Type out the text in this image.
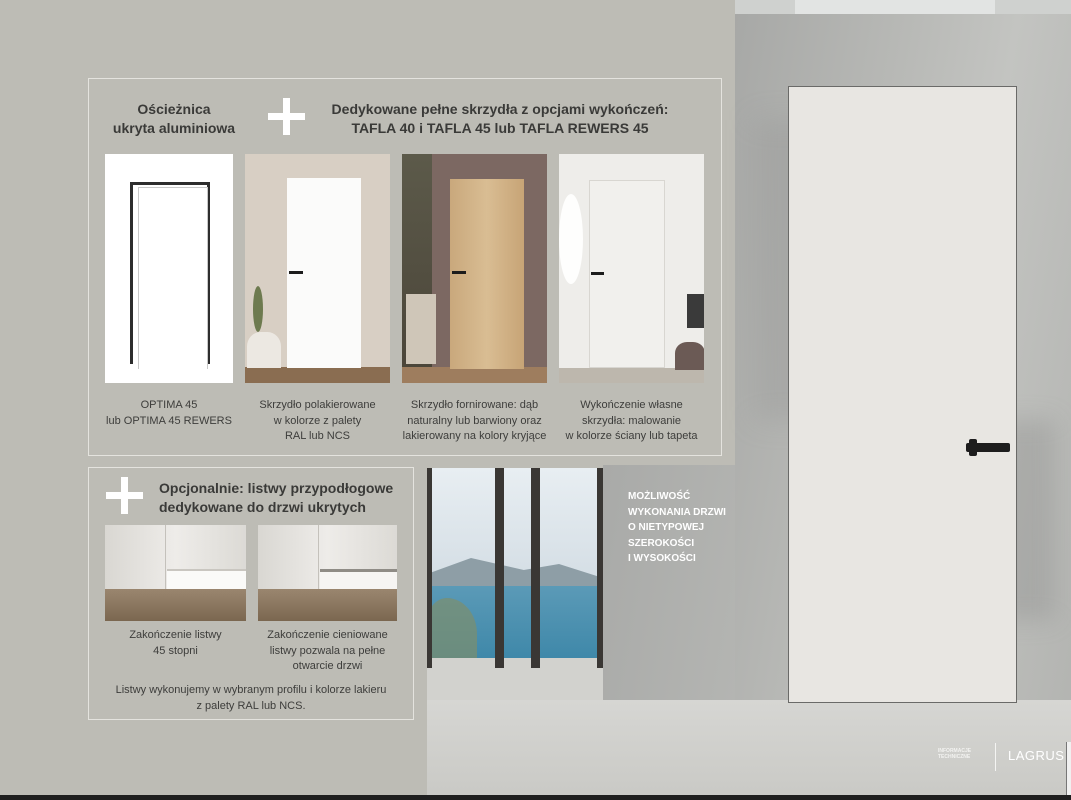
Ościeżnica
ukryta aluminiowa
Dedykowane pełne skrzydła z opcjami wykończeń:
TAFLA 40 i TAFLA 45 lub TAFLA REWERS 45
OPTIMA 45
lub OPTIMA 45 REWERS
Skrzydło polakierowane
w kolorze z palety
RAL lub NCS
Skrzydło fornirowane: dąb
naturalny lub barwiony oraz
lakierowany na kolory kryjące
Wykończenie własne
skrzydła: malowanie
w kolorze ściany lub tapeta
Opcjonalnie: listwy przypodłogowe
dedykowane do drzwi ukrytych
Zakończenie listwy
45 stopni
Zakończenie cieniowane
listwy pozwala na pełne
otwarcie drzwi
Listwy wykonujemy w wybranym profilu i kolorze lakieru
z palety RAL lub NCS.
MOŻLIWOŚĆ
WYKONANIA DRZWI
O NIETYPOWEJ
SZEROKOŚCI
I WYSOKOŚCI
INFORMACJE
TECHNICZNE	LAGRUS
